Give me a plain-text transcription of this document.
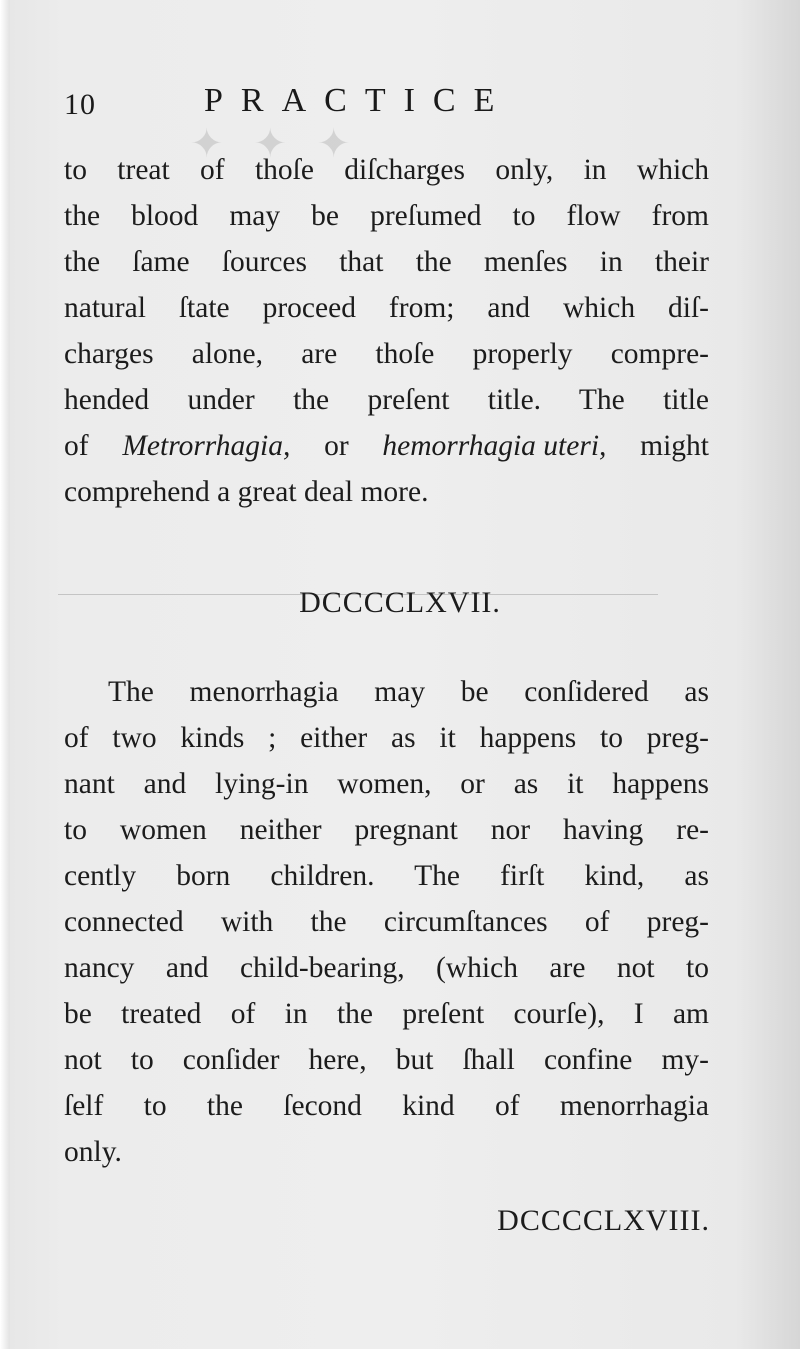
✦ ✦ ✦
10	PRACTICE
to treat of thoſe diſcharges only, in which
the blood may be preſumed to flow from
the ſame ſources that the menſes in their
natural ſtate proceed from; and which diſ-
charges alone, are thoſe properly compre-
hended under the preſent title. The title
of Metrorrhagia, or hemorrhagia uteri, might
comprehend a great deal more.
DCCCCLXVII.
The menorrhagia may be conſidered as
of two kinds ; either as it happens to preg-
nant and lying-in women, or as it happens
to women neither pregnant nor having re-
cently born children. The firſt kind, as
connected with the circumſtances of preg-
nancy and child-bearing, (which are not to
be treated of in the preſent courſe), I am
not to conſider here, but ſhall confine my-
ſelf to the ſecond kind of menorrhagia
only.
DCCCCLXVIII.
